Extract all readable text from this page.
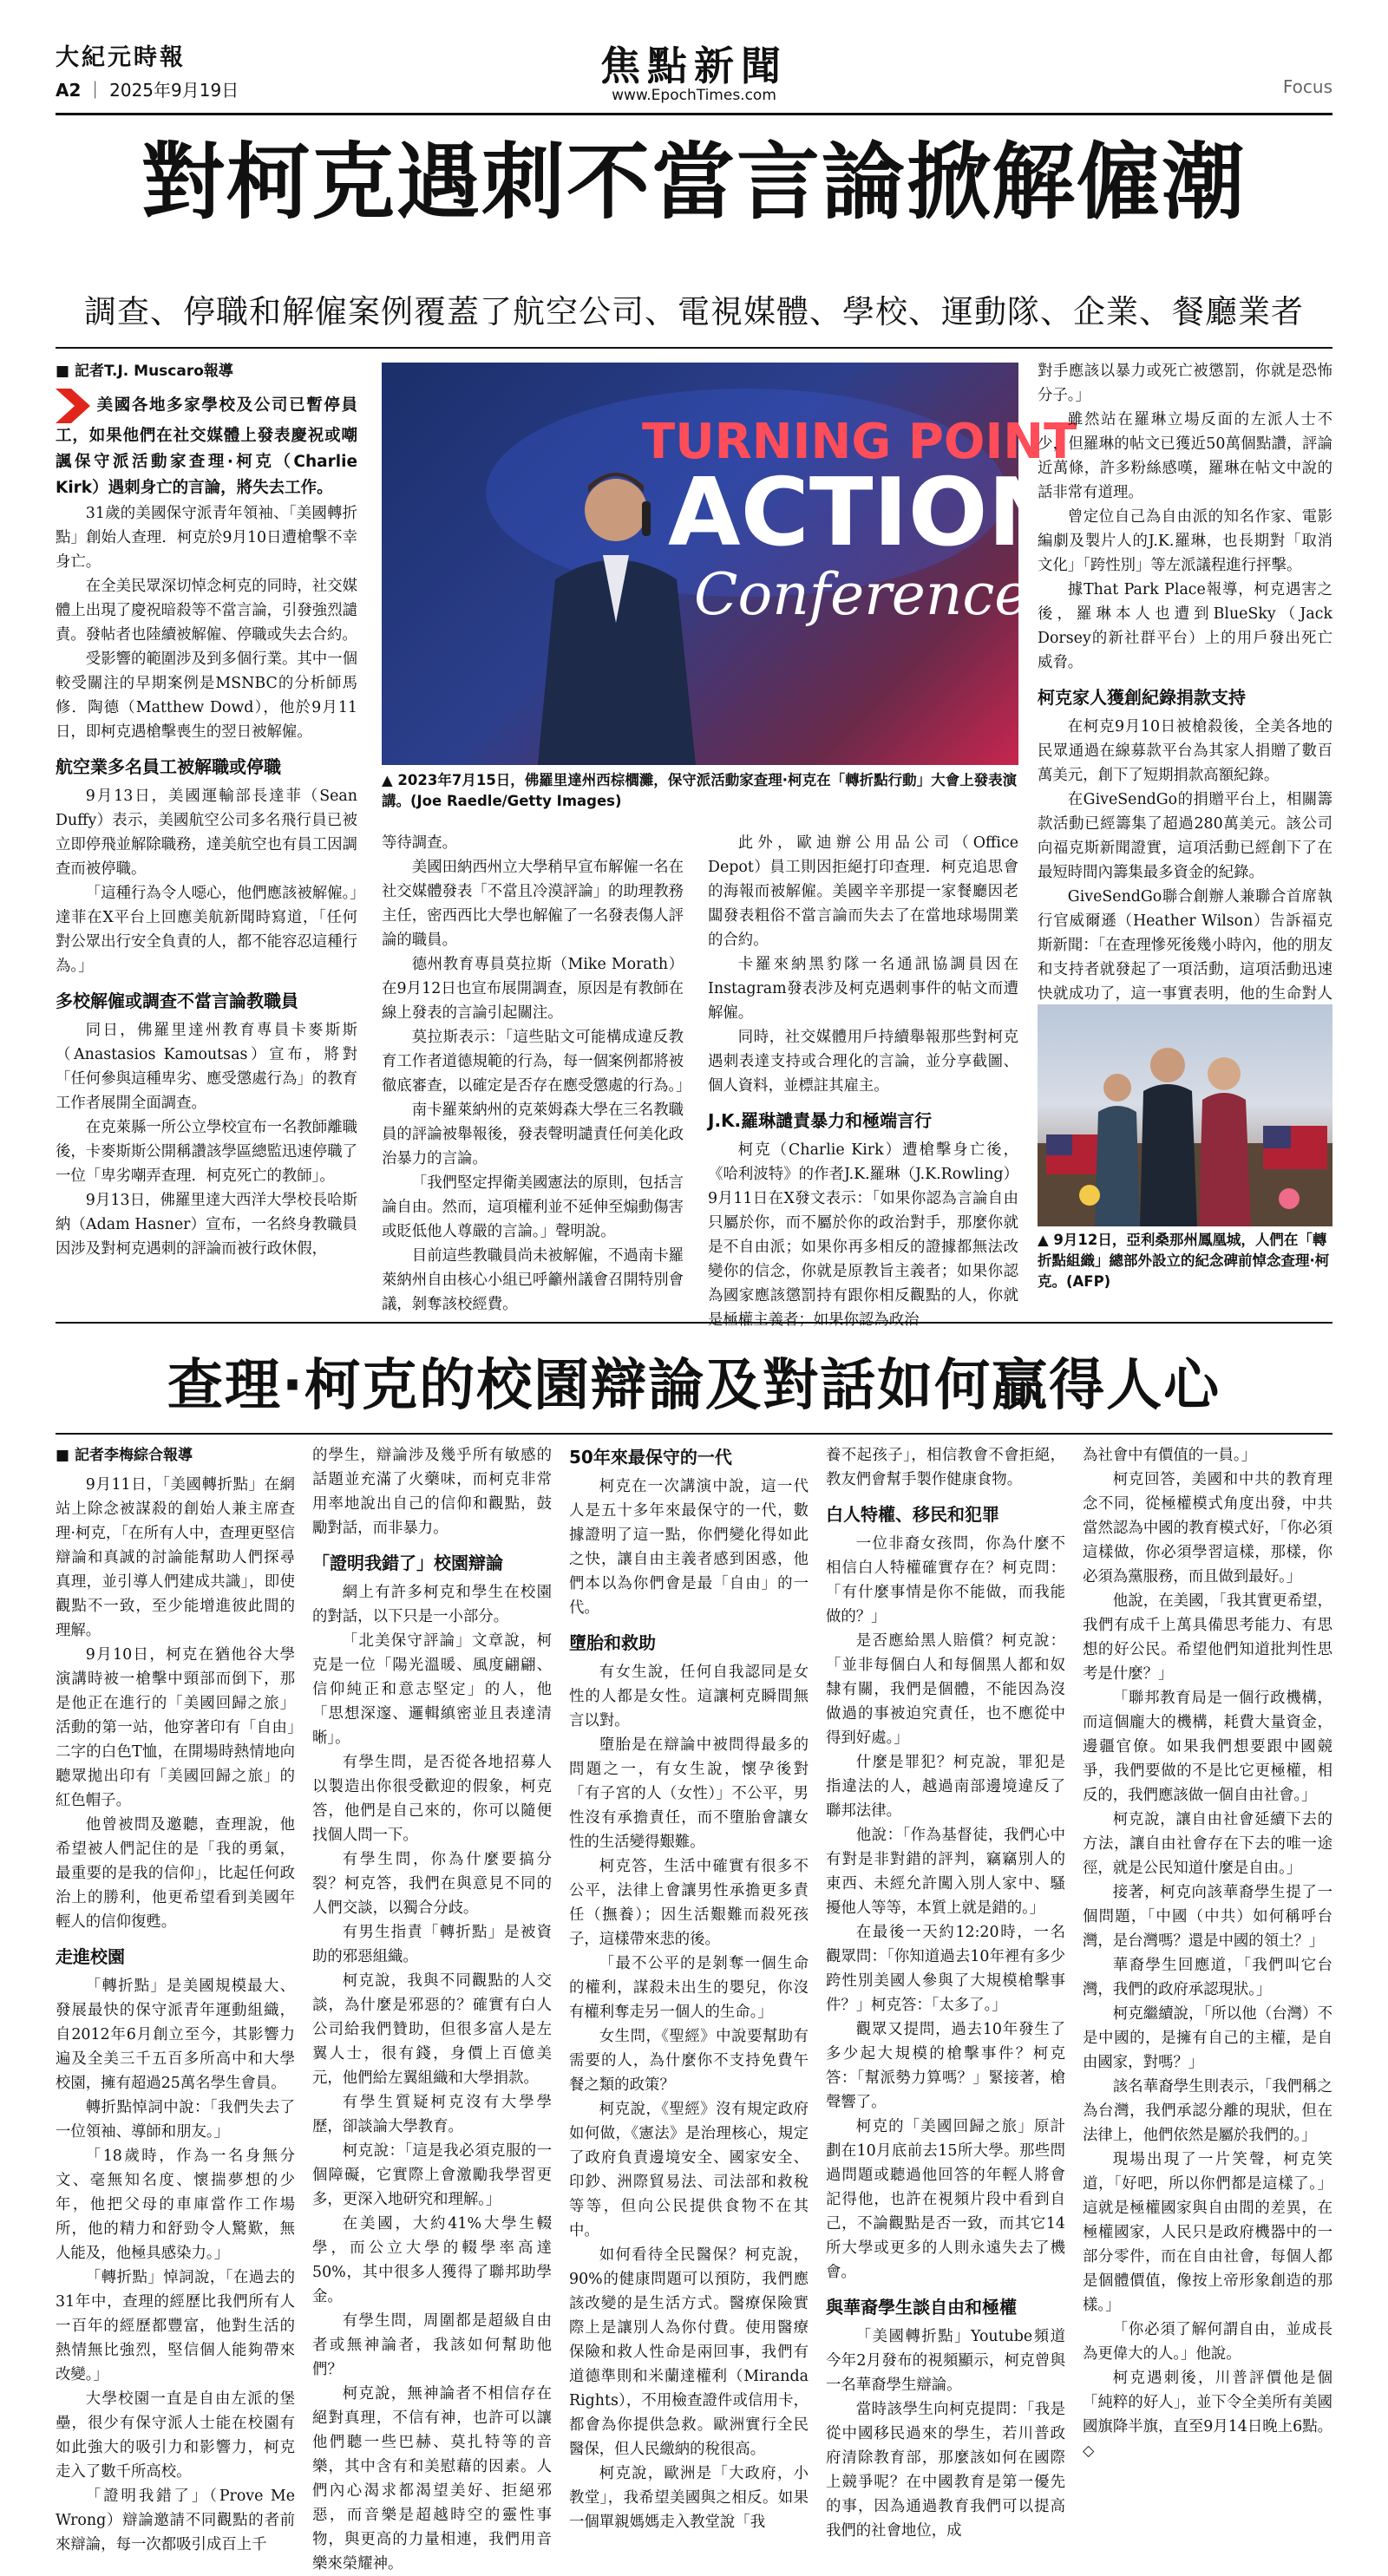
大紀元時報
A2 ｜ 2025年9月19日
焦點新聞
www.EpochTimes.com	Focus
對柯克遇刺不當言論掀解僱潮
調查、停職和解僱案例覆蓋了航空公司、電視媒體、學校、運動隊、企業、餐廳業者

■ 記者T.J. Muscaro報導

美國各地多家學校及公司已暫停員工，如果他們在社交媒體上發表慶祝或嘲諷保守派活動家查理·柯克（Charlie Kirk）遇刺身亡的言論，將失去工作。

31歲的美國保守派青年領袖、「美國轉折點」創始人查理．柯克於9月10日遭槍擊不幸身亡。

在全美民眾深切悼念柯克的同時，社交媒體上出現了慶祝暗殺等不當言論，引發強烈譴責。發帖者也陸續被解僱、停職或失去合約。

受影響的範圍涉及到多個行業。其中一個較受關注的早期案例是MSNBC的分析師馬修．陶德（Matthew Dowd），他於9月11日，即柯克遇槍擊喪生的翌日被解僱。

航空業多名員工被解職或停職

9月13日，美國運輸部長達菲（Sean Duffy）表示，美國航空公司多名飛行員已被立即停飛並解除職務，達美航空也有員工因調查而被停職。

「這種行為令人噁心，他們應該被解僱。」達菲在X平台上回應美航新聞時寫道，「任何對公眾出行安全負責的人，都不能容忍這種行為。」

多校解僱或調查不當言論教職員

同日，佛羅里達州教育專員卡麥斯斯（Anastasios Kamoutsas）宣布，將對「任何參與這種卑劣、應受懲處行為」的教育工作者展開全面調查。

在克萊縣一所公立學校宣布一名教師離職後，卡麥斯斯公開稱讚該學區總監迅速停職了一位「卑劣嘲弄查理．柯克死亡的教師」。

9月13日，佛羅里達大西洋大學校長哈斯納（Adam Hasner）宣布，一名終身教職員因涉及對柯克遇刺的評論而被行政休假，

TURNING POINT
ACTION
Conference
▲ 2023年7月15日，佛羅里達州西棕櫚灘，保守派活動家查理·柯克在「轉折點行動」大會上發表演講。(Joe Raedle/Getty Images)

等待調查。

美國田納西州立大學稍早宣布解僱一名在社交媒體發表「不當且冷漠評論」的助理教務主任，密西西比大學也解僱了一名發表傷人評論的職員。

德州教育專員莫拉斯（Mike Morath）在9月12日也宣布展開調查，原因是有教師在線上發表的言論引起關注。

莫拉斯表示：「這些貼文可能構成違反教育工作者道德規範的行為，每一個案例都將被徹底審查，以確定是否存在應受懲處的行為。」

南卡羅萊納州的克萊姆森大學在三名教職員的評論被舉報後，發表聲明譴責任何美化政治暴力的言論。

「我們堅定捍衛美國憲法的原則，包括言論自由。然而，這項權利並不延伸至煽動傷害或貶低他人尊嚴的言論。」聲明說。

目前這些教職員尚未被解僱，不過南卡羅萊納州自由核心小組已呼籲州議會召開特別會議，剝奪該校經費。

此外，歐迪辦公用品公司（Office Depot）員工則因拒絕打印查理．柯克追思會的海報而被解僱。美國辛辛那提一家餐廳因老闆發表粗俗不當言論而失去了在當地球場開業的合約。

卡羅來納黑豹隊一名通訊協調員因在Instagram發表涉及柯克遇刺事件的帖文而遭解僱。

同時，社交媒體用戶持續舉報那些對柯克遇刺表達支持或合理化的言論，並分享截圖、個人資料，並標註其雇主。

J.K.羅琳譴責暴力和極端言行

柯克（Charlie Kirk）遭槍擊身亡後，《哈利波特》的作者J.K.羅琳（J.K.Rowling）9月11日在X發文表示：「如果你認為言論自由只屬於你，而不屬於你的政治對手，那麼你就是不自由派；如果你再多相反的證據都無法改變你的信念，你就是原教旨主義者；如果你認為國家應該懲罰持有跟你相反觀點的人，你就是極權主義者；如果你認為政治

對手應該以暴力或死亡被懲罰，你就是恐怖分子。」

雖然站在羅琳立場反面的左派人士不少，但羅琳的帖文已獲近50萬個點讚，評論近萬條，許多粉絲感嘆，羅琳在帖文中說的話非常有道理。

曾定位自己為自由派的知名作家、電影編劇及製片人的J.K.羅琳，也長期對「取消文化」「跨性別」等左派議程進行抨擊。

據That Park Place報導，柯克遇害之後，羅琳本人也遭到BlueSky（Jack Dorsey的新社群平台）上的用戶發出死亡威脅。

柯克家人獲創紀錄捐款支持

在柯克9月10日被槍殺後，全美各地的民眾通過在線募款平台為其家人捐贈了數百萬美元，創下了短期捐款高額紀錄。

在GiveSendGo的捐贈平台上，相關籌款活動已經籌集了超過280萬美元。該公司向福克斯新聞證實，這項活動已經創下了在最短時間內籌集最多資金的紀錄。

GiveSendGo聯合創辦人兼聯合首席執行官威爾遜（Heather Wilson）告訴福克斯新聞：「在查理慘死後幾小時內，他的朋友和支持者就發起了一項活動，這項活動迅速快就成功了，這一事實表明，他的生命對人

▲ 9月12日，亞利桑那州鳳凰城，人們在「轉折點組織」總部外設立的紀念碑前悼念查理·柯克。(AFP)
查理·柯克的校園辯論及對話如何贏得人心

■ 記者李梅綜合報導

9月11日，「美國轉折點」在網站上除念被謀殺的創始人兼主席查理·柯克，「在所有人中，查理更堅信辯論和真誠的討論能幫助人們探尋真理，並引導人們建成共識」，即使觀點不一致，至少能增進彼此間的理解。

9月10日，柯克在猶他谷大學演講時被一槍擊中頸部而倒下，那是他正在進行的「美國回歸之旅」活動的第一站，他穿著印有「自由」二字的白色T恤，在開場時熱情地向聽眾拋出印有「美國回歸之旅」的紅色帽子。

他曾被問及邀聽，查理說，他希望被人們記住的是「我的勇氣，最重要的是我的信仰」，比起任何政治上的勝利，他更希望看到美國年輕人的信仰復甦。

走進校園

「轉折點」是美國規模最大、發展最快的保守派青年運動組織，自2012年6月創立至今，其影響力遍及全美三千五百多所高中和大學校園，擁有超過25萬名學生會員。

轉折點悼詞中說：「我們失去了一位領袖、導師和朋友。」

「18歲時，作為一名身無分文、毫無知名度、懷揣夢想的少年，他把父母的車庫當作工作場所，他的精力和舒勁令人驚歎，無人能及，他極具感染力。」

「轉折點」悼詞說，「在過去的31年中，查理的經歷比我們所有人一百年的經歷都豐富，他對生活的熱情無比強烈，堅信個人能夠帶來改變。」

大學校園一直是自由左派的堡壘，很少有保守派人士能在校園有如此強大的吸引力和影響力，柯克走入了數千所高校。

「證明我錯了」（Prove Me Wrong）辯論邀請不同觀點的者前來辯論，每一次都吸引成百上千

的學生，辯論涉及幾乎所有敏感的話題並充滿了火藥味，而柯克非常用率地說出自己的信仰和觀點，鼓勵對話，而非暴力。

「證明我錯了」校園辯論

網上有許多柯克和學生在校園的對話，以下只是一小部分。

「北美保守評論」文章說，柯克是一位「陽光溫暖、風度翩翩、信仰純正和意志堅定」的人，他「思想深邃、邏輯縝密並且表達清晰」。

有學生問，是否從各地招募人以製造出你很受歡迎的假象，柯克答，他們是自己來的，你可以隨便找個人問一下。

有學生問，你為什麼要搞分裂？柯克答，我們在與意見不同的人們交談，以獨合分歧。

有男生指責「轉折點」是被資助的邪惡組織。

柯克說，我與不同觀點的人交談，為什麼是邪惡的？確實有白人公司給我們贊助，但很多富人是左翼人士，很有錢，身價上百億美元，他們給左翼組織和大學捐款。

有學生質疑柯克沒有大學學歷，卻談論大學教育。

柯克說：「這是我必須克服的一個障礙，它實際上會激勵我學習更多，更深入地研究和理解。」

在美國，大約41%大學生輟學，而公立大學的輟學率高達50%，其中很多人獲得了聯邦助學金。

有學生問，周圍都是超級自由者或無神論者，我該如何幫助他們？

柯克說，無神論者不相信存在絕對真理，不信有神，也許可以讓他們聽一些巴赫、莫扎特等的音樂，其中含有和美慰藉的因素。人們內心渴求都渴望美好、拒絕邪惡，而音樂是超越時空的靈性事物，與更高的力量相連，我們用音樂來榮耀神。

50年來最保守的一代

柯克在一次講演中說，這一代人是五十多年來最保守的一代，數據證明了這一點，你們變化得如此之快，讓自由主義者感到困惑，他們本以為你們會是最「自由」的一代。

墮胎和救助

有女生說，任何自我認同是女性的人都是女性。這讓柯克瞬間無言以對。

墮胎是在辯論中被問得最多的問題之一，有女生說，懷孕後對「有子宮的人（女性）」不公平，男性沒有承擔責任，而不墮胎會讓女性的生活變得艱難。

柯克答，生活中確實有很多不公平，法律上會讓男性承擔更多責任（撫養）；因生活艱難而殺死孩子，這樣帶來悲的後。

「最不公平的是剝奪一個生命的權利，謀殺未出生的嬰兒，你沒有權利奪走另一個人的生命。」

女生問，《聖經》中說要幫助有需要的人，為什麼你不支持免費午餐之類的政策？

柯克說，《聖經》沒有規定政府如何做，《憲法》是治理核心，規定了政府負責邊境安全、國家安全、印鈔、洲際貿易法、司法部和救稅等等，但向公民提供食物不在其中。

如何看待全民醫保？柯克說，90%的健康問題可以預防，我們應該改變的是生活方式。醫療保險實際上是讓別人為你付費。使用醫療保險和救人性命是兩回事，我們有道德準則和米蘭達權利（Miranda Rights），不用檢查證件或信用卡，都會為你提供急救。歐洲實行全民醫保，但人民繳納的稅很高。

柯克說，歐洲是「大政府，小教堂」，我希望美國與之相反。如果一個單親媽媽走入教堂說「我

養不起孩子」，相信教會不會拒絕，教友們會幫手製作健康食物。

白人特權、移民和犯罪

一位非裔女孩問，你為什麼不相信白人特權確實存在？柯克問：「有什麼事情是你不能做，而我能做的？」

是否應給黑人賠償？柯克說：「並非每個白人和每個黑人都和奴隸有關，我們是個體，不能因為沒做過的事被迫究責任，也不應從中得到好處。」

什麼是罪犯？柯克說，罪犯是指違法的人，越過南部邊境違反了聯邦法律。

他說：「作為基督徒，我們心中有對是非對錯的評判，竊竊別人的東西、未經允許闖入別人家中、騷擾他人等等，本質上就是錯的。」

在最後一天約12:20時，一名觀眾問：「你知道過去10年裡有多少跨性別美國人參與了大規模槍擊事件？」柯克答：「太多了。」

觀眾又提問，過去10年發生了多少起大規模的槍擊事件？柯克答：「幫派勢力算嗎？」緊接著，槍聲響了。

柯克的「美國回歸之旅」原計劃在10月底前去15所大學。那些問過問題或聽過他回答的年輕人將會記得他，也許在視頻片段中看到自己，不論觀點是否一致，而其它14所大學或更多的人則永遠失去了機會。

與華裔學生談自由和極權

「美國轉折點」Youtube頻道今年2月發布的視頻顯示，柯克曾與一名華裔學生辯論。

當時該學生向柯克提問：「我是從中國移民過來的學生，若川普政府清除教育部，那麼該如何在國際上競爭呢？在中國教育是第一優先的事，因為通過教育我們可以提高我們的社會地位，成

為社會中有價值的一員。」

柯克回答，美國和中共的教育理念不同，從極權模式角度出發，中共當然認為中國的教育模式好，「你必須這樣做，你必須學習這樣，那樣，你必須為黨服務，而且做到最好。」

他說，在美國，「我其實更希望，我們有成千上萬具備思考能力、有思想的好公民。希望他們知道批判性思考是什麼？」

「聯邦教育局是一個行政機構，而這個龐大的機構，耗費大量資金，邊疆官僚。如果我們想要跟中國競爭，我們要做的不是比它更極權，相反的，我們應該做一個自由社會。」

柯克說，讓自由社會延續下去的方法，讓自由社會存在下去的唯一途徑，就是公民知道什麼是自由。」

接著，柯克向該華裔學生提了一個問題，「中國（中共）如何稱呼台灣，是台灣嗎？還是中國的領土？」

華裔學生回應道，「我們叫它台灣，我們的政府承認現狀。」

柯克繼續說，「所以他（台灣）不是中國的，是擁有自己的主權，是自由國家，對嗎？」

該名華裔學生則表示，「我們稱之為台灣，我們承認分離的現狀，但在法律上，他們依然是屬於我們的。」

現場出現了一片笑聲，柯克笑道，「好吧，所以你們都是這樣了。」這就是極權國家與自由間的差異，在極權國家，人民只是政府機器中的一部分零件，而在自由社會，每個人都是個體價值，像按上帝形象創造的那樣。」

「你必須了解何謂自由，並成長為更偉大的人。」他說。

柯克遇刺後，川普評價他是個「純粹的好人」，並下令全美所有美國國旗降半旗，直至9月14日晚上6點。◇
